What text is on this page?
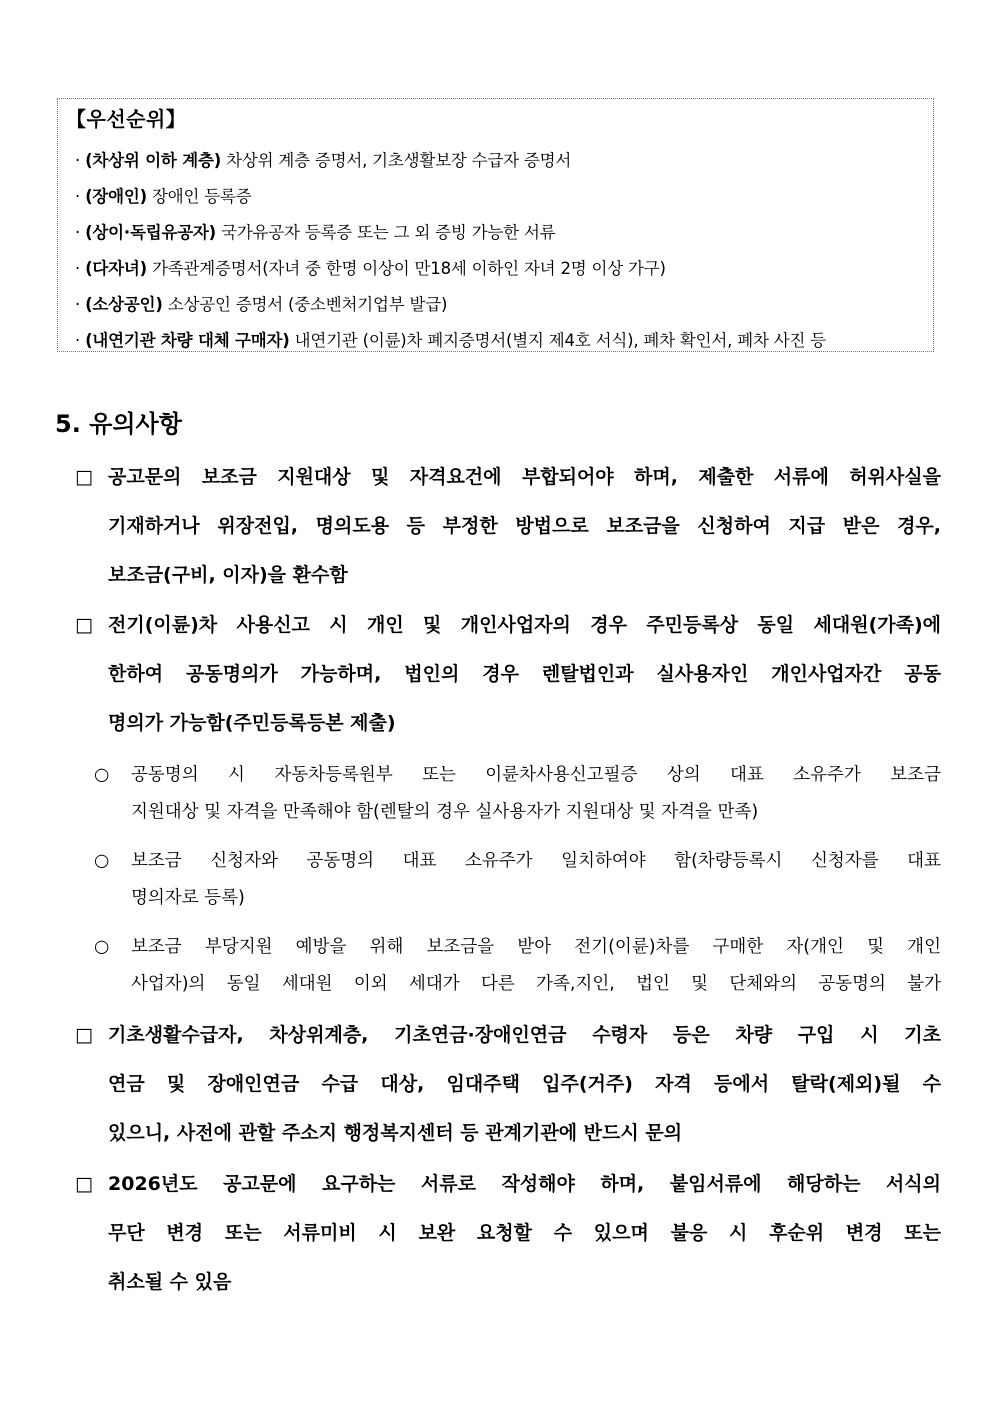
【우선순위】
· (차상위 이하 계층) 차상위 계층 증명서, 기초생활보장 수급자 증명서
· (장애인) 장애인 등록증
· (상이·독립유공자) 국가유공자 등록증 또는 그 외 증빙 가능한 서류
· (다자녀) 가족관계증명서(자녀 중 한명 이상이 만18세 이하인 자녀 2명 이상 가구)
· (소상공인) 소상공인 증명서 (중소벤처기업부 발급)
· (내연기관 차량 대체 구매자) 내연기관 (이륜)차 폐지증명서(별지 제4호 서식), 폐차 확인서, 폐차 사진 등
5. 유의사항
□ 공고문의 보조금 지원대상 및 자격요건에 부합되어야 하며, 제출한 서류에 허위사실을
기재하거나 위장전입, 명의도용 등 부정한 방법으로 보조금을 신청하여 지급 받은 경우,
보조금(구비, 이자)을 환수함
□ 전기(이륜)차 사용신고 시 개인 및 개인사업자의 경우 주민등록상 동일 세대원(가족)에
한하여 공동명의가 가능하며, 법인의 경우 렌탈법인과 실사용자인 개인사업자간 공동
명의가 가능함(주민등록등본 제출)
○	공동명의 시 자동차등록원부 또는 이륜차사용신고필증 상의 대표 소유주가 보조금
지원대상 및 자격을 만족해야 함(렌탈의 경우 실사용자가 지원대상 및 자격을 만족)
○	보조금 신청자와 공동명의 대표 소유주가 일치하여야 함(차량등록시 신청자를 대표
명의자로 등록)
○	보조금 부당지원 예방을 위해 보조금을 받아 전기(이륜)차를 구매한 자(개인 및 개인
사업자)의 동일 세대원 이외 세대가 다른 가족,지인, 법인 및 단체와의 공동명의 불가
□ 기초생활수급자, 차상위계층, 기초연금·장애인연금 수령자 등은 차량 구입 시 기초
연금 및 장애인연금 수급 대상, 임대주택 입주(거주) 자격 등에서 탈락(제외)될 수
있으니, 사전에 관할 주소지 행정복지센터 등 관계기관에 반드시 문의
□ 2026년도 공고문에 요구하는 서류로 작성해야 하며, 붙임서류에 해당하는 서식의
무단 변경 또는 서류미비 시 보완 요청할 수 있으며 불응 시 후순위 변경 또는
취소될 수 있음
